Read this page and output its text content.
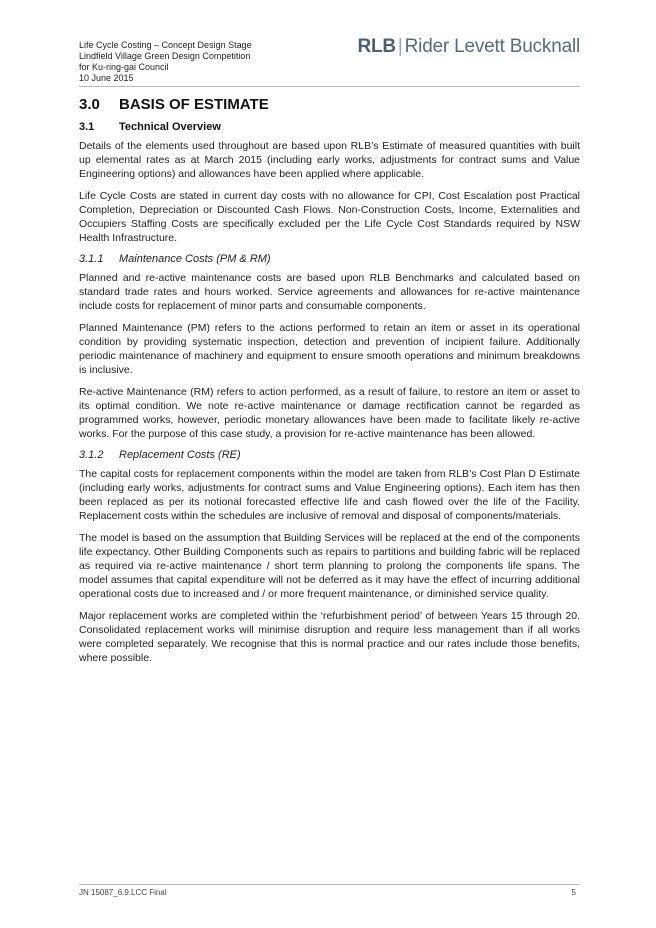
Life Cycle Costing – Concept Design Stage
Lindfield Village Green Design Competition
for Ku-ring-gai Council
10 June 2015
RLB | Rider Levett Bucknall
3.0	BASIS OF ESTIMATE
3.1	Technical Overview

Details of the elements used throughout are based upon RLB’s Estimate of measured quantities with built up elemental rates as at March 2015 (including early works, adjustments for contract sums and Value Engineering options) and allowances have been applied where applicable.

Life Cycle Costs are stated in current day costs with no allowance for CPI, Cost Escalation post Practical Completion, Depreciation or Discounted Cash Flows. Non-Construction Costs, Income, Externalities and Occupiers Staffing Costs are specifically excluded per the Life Cycle Cost Standards required by NSW Health Infrastructure.

3.1.1	Maintenance Costs (PM & RM)

Planned and re-active maintenance costs are based upon RLB Benchmarks and calculated based on standard trade rates and hours worked. Service agreements and allowances for re-active maintenance include costs for replacement of minor parts and consumable components.

Planned Maintenance (PM) refers to the actions performed to retain an item or asset in its operational condition by providing systematic inspection, detection and prevention of incipient failure. Additionally periodic maintenance of machinery and equipment to ensure smooth operations and minimum breakdowns is inclusive.

Re-active Maintenance (RM) refers to action performed, as a result of failure, to restore an item or asset to its optimal condition. We note re-active maintenance or damage rectification cannot be regarded as programmed works, however, periodic monetary allowances have been made to facilitate likely re-active works. For the purpose of this case study, a provision for re-active maintenance has been allowed.

3.1.2	Replacement Costs (RE)

The capital costs for replacement components within the model are taken from RLB’s Cost Plan D Estimate (including early works, adjustments for contract sums and Value Engineering options). Each item has then been replaced as per its notional forecasted effective life and cash flowed over the life of the Facility. Replacement costs within the schedules are inclusive of removal and disposal of components/materials.

The model is based on the assumption that Building Services will be replaced at the end of the components life expectancy. Other Building Components such as repairs to partitions and building fabric will be replaced as required via re-active maintenance / short term planning to prolong the components life spans. The model assumes that capital expenditure will not be deferred as it may have the effect of incurring additional operational costs due to increased and / or more frequent maintenance, or diminished service quality.

Major replacement works are completed within the ‘refurbishment period’ of between Years 15 through 20. Consolidated replacement works will minimise disruption and require less management than if all works were completed separately. We recognise that this is normal practice and our rates include those benefits, where possible.

JN 15087_6.9.LCC Final	5
